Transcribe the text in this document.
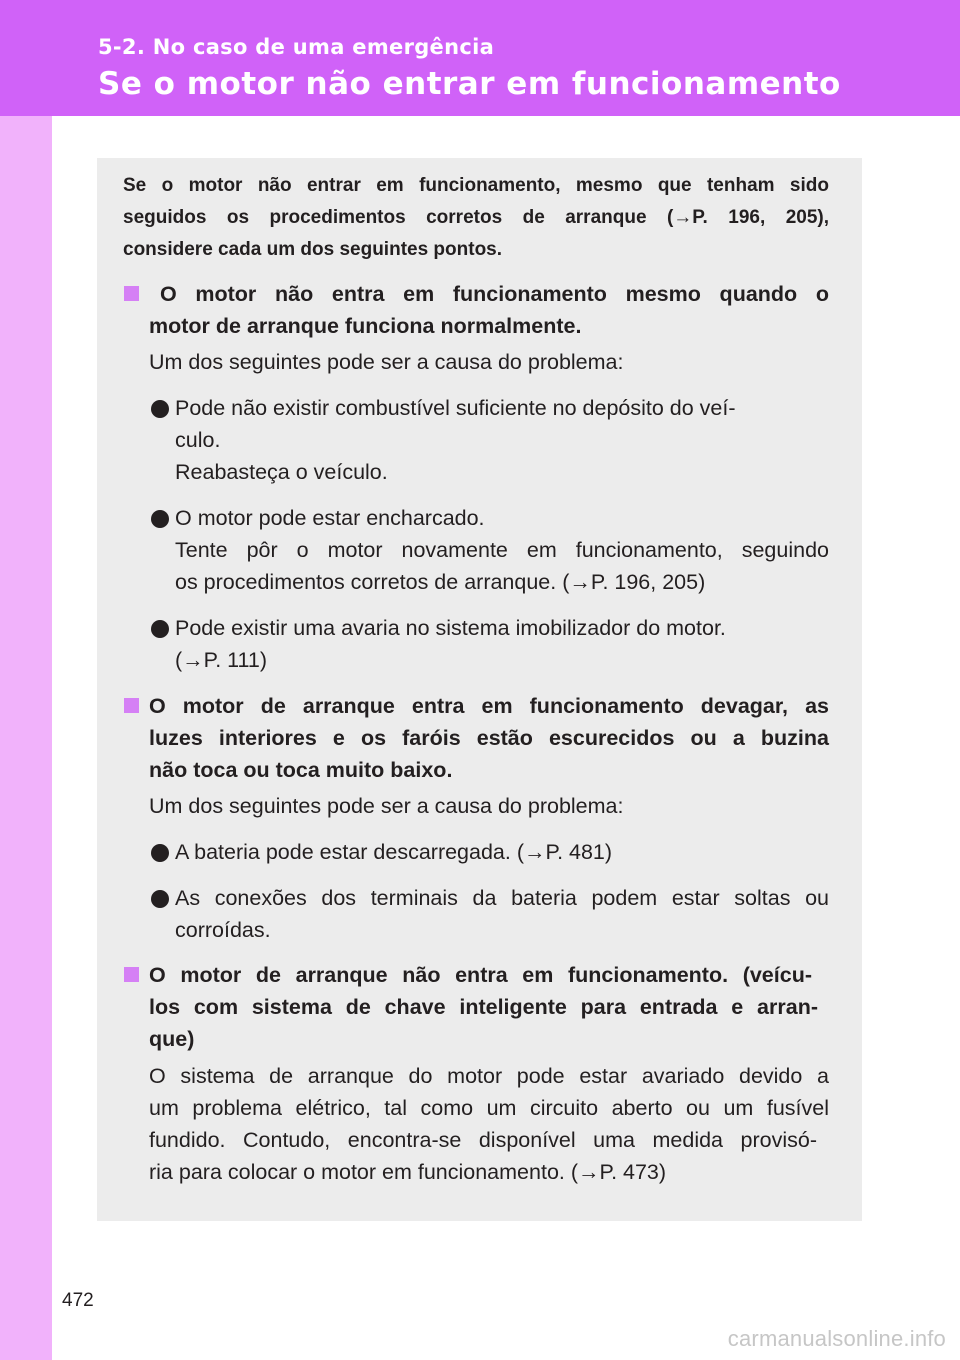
5-2. No caso de uma emergência
Se o motor não entrar em funcionamento

Se o motor não entrar em funcionamento, mesmo que tenham sido

seguidos os procedimentos corretos de arranque (→P. 196, 205),

considere cada um dos seguintes pontos.

O motor não entra em funcionamento mesmo quando o

motor de arranque funciona normalmente.

Um dos seguintes pode ser a causa do problema:

Pode não existir combustível suficiente no depósito do veí-

culo.

Reabasteça o veículo.

O motor pode estar encharcado.

Tente pôr o motor novamente em funcionamento, seguindo

os procedimentos corretos de arranque. (→P. 196, 205)

Pode existir uma avaria no sistema imobilizador do motor.

(→P. 111)

O motor de arranque entra em funcionamento devagar, as

luzes interiores e os faróis estão escurecidos ou a buzina

não toca ou toca muito baixo.

Um dos seguintes pode ser a causa do problema:

A bateria pode estar descarregada. (→P. 481)

As conexões dos terminais da bateria podem estar soltas ou

corroídas.

O motor de arranque não entra em funcionamento. (veícu-

los com sistema de chave inteligente para entrada e arran-

que)

O sistema de arranque do motor pode estar avariado devido a

um problema elétrico, tal como um circuito aberto ou um fusível

fundido. Contudo, encontra-se disponível uma medida provisó-

ria para colocar o motor em funcionamento. (→P. 473)

472
carmanualsonline.info
